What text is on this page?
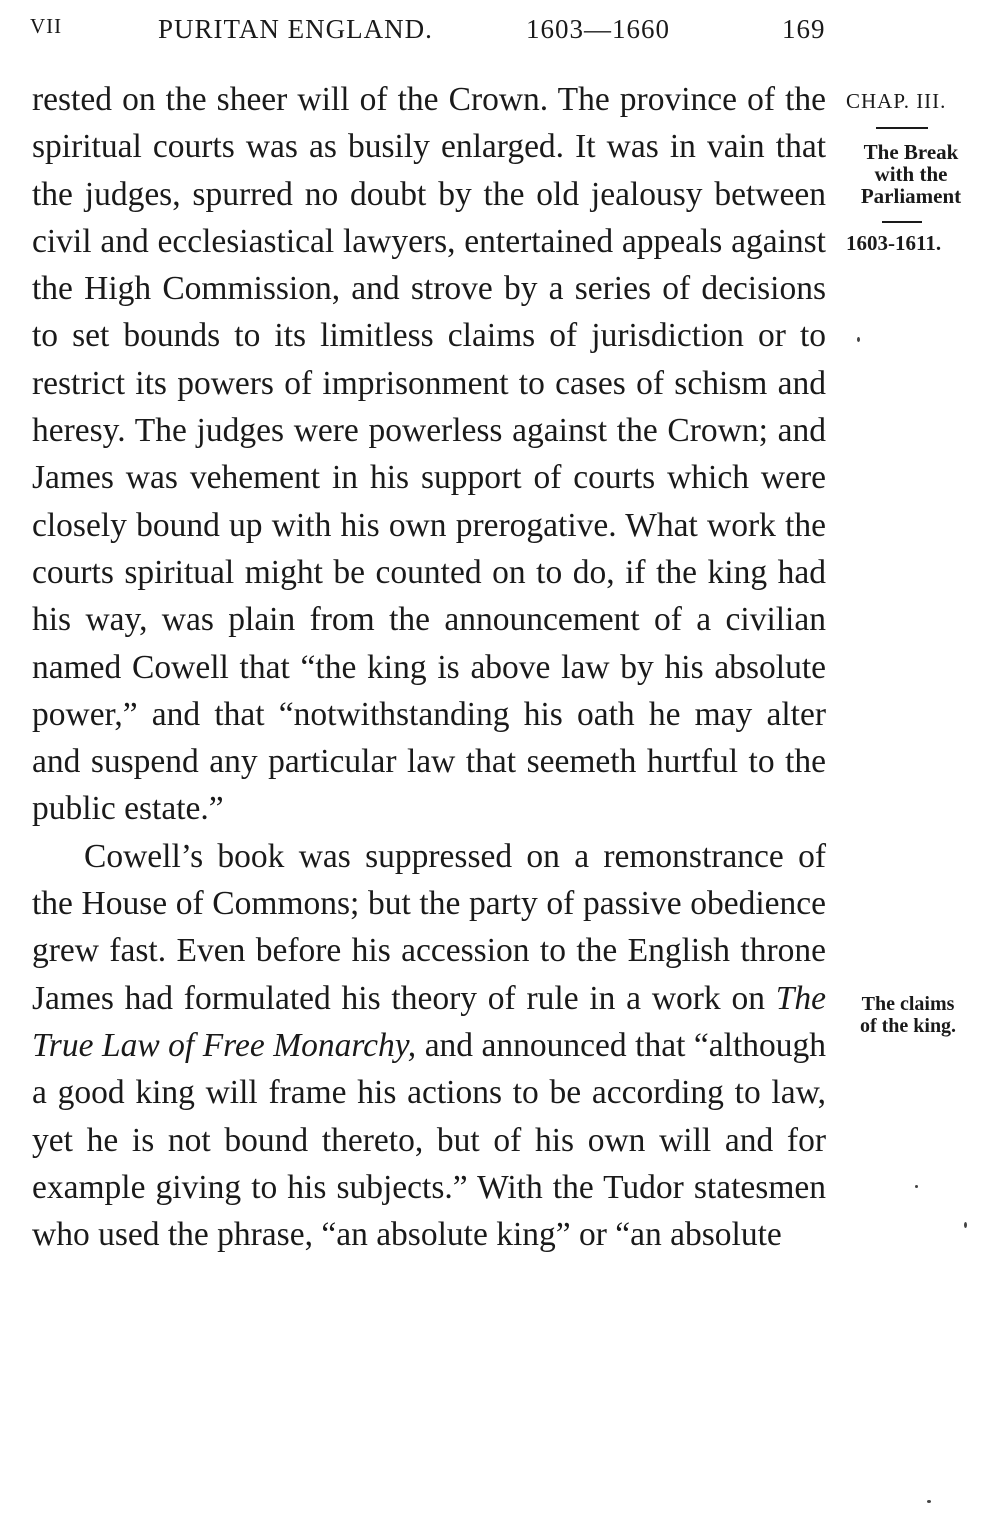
VII	PURITAN ENGLAND.	1603—1660	169

rested on the sheer will of the Crown. The province of the spiritual courts was as busily enlarged. It was in vain that the judges, spurred no doubt by the old jealousy between civil and ecclesiastical lawyers, entertained appeals against the High Commission, and strove by a series of decisions to set bounds to its limitless claims of jurisdiction or to restrict its powers of imprisonment to cases of schism and heresy. The judges were powerless against the Crown; and James was vehement in his support of courts which were closely bound up with his own prerogative. What work the courts spiritual might be counted on to do, if the king had his way, was plain from the announcement of a civilian named Cowell that “the king is above law by his absolute power,” and that “notwithstanding his oath he may alter and suspend any particular law that seemeth hurtful to the public estate.”

Cowell’s book was suppressed on a remonstrance of the House of Commons; but the party of passive obedience grew fast. Even before his accession to the English throne James had formulated his theory of rule in a work on The True Law of Free Monarchy, and announced that “although a good king will frame his actions to be according to law, yet he is not bound thereto, but of his own will and for example giving to his subjects.” With the Tudor statesmen who used the phrase, “an absolute king” or “an absolute

CHAP. III.
The Break
with the
Parliament
1603-1611.
The claims
of the king.
